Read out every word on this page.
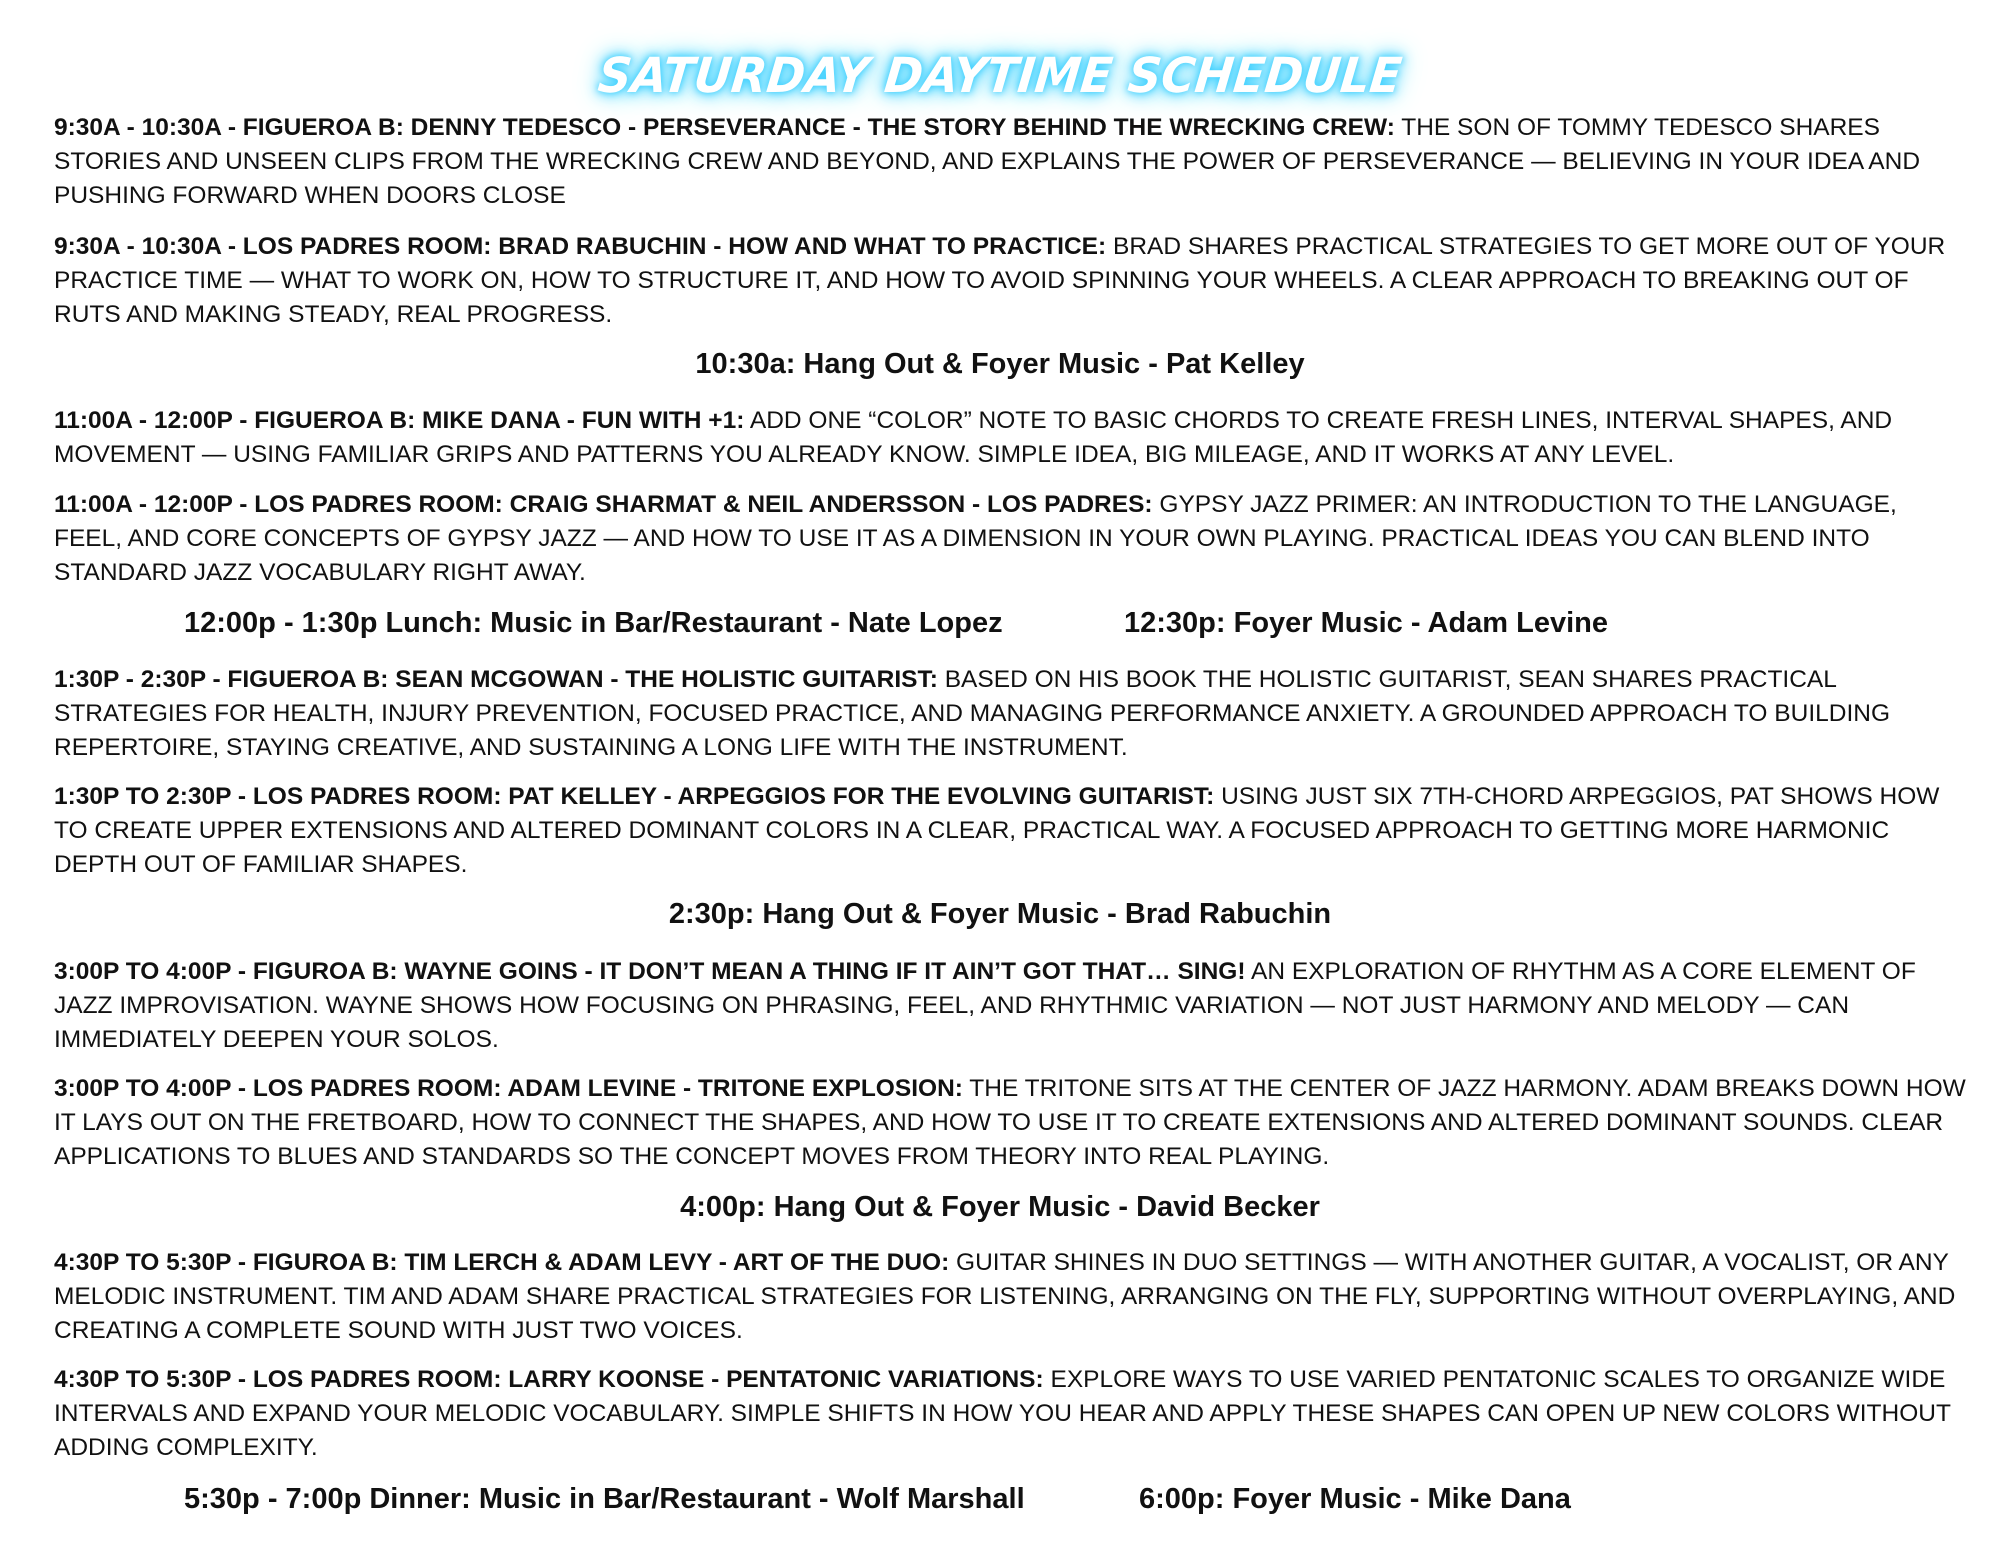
SATURDAY DAYTIME SCHEDULE

9:30A - 10:30A - FIGUEROA B: DENNY TEDESCO - PERSEVERANCE - THE STORY BEHIND THE WRECKING CREW: THE SON OF TOMMY TEDESCO SHARES STORIES AND UNSEEN CLIPS FROM THE WRECKING CREW AND BEYOND, AND EXPLAINS THE POWER OF PERSEVERANCE — BELIEVING IN YOUR IDEA AND PUSHING FORWARD WHEN DOORS CLOSE

9:30A - 10:30A - LOS PADRES ROOM: BRAD RABUCHIN - HOW AND WHAT TO PRACTICE: BRAD SHARES PRACTICAL STRATEGIES TO GET MORE OUT OF YOUR PRACTICE TIME — WHAT TO WORK ON, HOW TO STRUCTURE IT, AND HOW TO AVOID SPINNING YOUR WHEELS. A CLEAR APPROACH TO BREAKING OUT OF RUTS AND MAKING STEADY, REAL PROGRESS.

10:30a: Hang Out & Foyer Music - Pat Kelley

11:00A - 12:00P - FIGUEROA B: MIKE DANA - FUN WITH +1: ADD ONE “COLOR” NOTE TO BASIC CHORDS TO CREATE FRESH LINES, INTERVAL SHAPES, AND MOVEMENT — USING FAMILIAR GRIPS AND PATTERNS YOU ALREADY KNOW. SIMPLE IDEA, BIG MILEAGE, AND IT WORKS AT ANY LEVEL.

11:00A - 12:00P - LOS PADRES ROOM: CRAIG SHARMAT & NEIL ANDERSSON - LOS PADRES: GYPSY JAZZ PRIMER: AN INTRODUCTION TO THE LANGUAGE, FEEL, AND CORE CONCEPTS OF GYPSY JAZZ — AND HOW TO USE IT AS A DIMENSION IN YOUR OWN PLAYING. PRACTICAL IDEAS YOU CAN BLEND INTO STANDARD JAZZ VOCABULARY RIGHT AWAY.

12:00p - 1:30p Lunch: Music in Bar/Restaurant - Nate Lopez	12:30p: Foyer Music - Adam Levine

1:30P - 2:30P - FIGUEROA B: SEAN MCGOWAN - THE HOLISTIC GUITARIST: BASED ON HIS BOOK THE HOLISTIC GUITARIST, SEAN SHARES PRACTICAL STRATEGIES FOR HEALTH, INJURY PREVENTION, FOCUSED PRACTICE, AND MANAGING PERFORMANCE ANXIETY. A GROUNDED APPROACH TO BUILDING REPERTOIRE, STAYING CREATIVE, AND SUSTAINING A LONG LIFE WITH THE INSTRUMENT.

1:30P TO 2:30P - LOS PADRES ROOM: PAT KELLEY - ARPEGGIOS FOR THE EVOLVING GUITARIST: USING JUST SIX 7TH-CHORD ARPEGGIOS, PAT SHOWS HOW TO CREATE UPPER EXTENSIONS AND ALTERED DOMINANT COLORS IN A CLEAR, PRACTICAL WAY. A FOCUSED APPROACH TO GETTING MORE HARMONIC DEPTH OUT OF FAMILIAR SHAPES.

2:30p: Hang Out & Foyer Music - Brad Rabuchin

3:00P TO 4:00P - FIGUROA B: WAYNE GOINS - IT DON’T MEAN A THING IF IT AIN’T GOT THAT… SING! AN EXPLORATION OF RHYTHM AS A CORE ELEMENT OF JAZZ IMPROVISATION. WAYNE SHOWS HOW FOCUSING ON PHRASING, FEEL, AND RHYTHMIC VARIATION — NOT JUST HARMONY AND MELODY — CAN IMMEDIATELY DEEPEN YOUR SOLOS.

3:00P TO 4:00P - LOS PADRES ROOM: ADAM LEVINE - TRITONE EXPLOSION: THE TRITONE SITS AT THE CENTER OF JAZZ HARMONY. ADAM BREAKS DOWN HOW IT LAYS OUT ON THE FRETBOARD, HOW TO CONNECT THE SHAPES, AND HOW TO USE IT TO CREATE EXTENSIONS AND ALTERED DOMINANT SOUNDS. CLEAR APPLICATIONS TO BLUES AND STANDARDS SO THE CONCEPT MOVES FROM THEORY INTO REAL PLAYING.

4:00p: Hang Out & Foyer Music - David Becker

4:30P TO 5:30P - FIGUROA B: TIM LERCH & ADAM LEVY - ART OF THE DUO: GUITAR SHINES IN DUO SETTINGS — WITH ANOTHER GUITAR, A VOCALIST, OR ANY MELODIC INSTRUMENT. TIM AND ADAM SHARE PRACTICAL STRATEGIES FOR LISTENING, ARRANGING ON THE FLY, SUPPORTING WITHOUT OVERPLAYING, AND CREATING A COMPLETE SOUND WITH JUST TWO VOICES.

4:30P TO 5:30P - LOS PADRES ROOM: LARRY KOONSE - PENTATONIC VARIATIONS: EXPLORE WAYS TO USE VARIED PENTATONIC SCALES TO ORGANIZE WIDE INTERVALS AND EXPAND YOUR MELODIC VOCABULARY. SIMPLE SHIFTS IN HOW YOU HEAR AND APPLY THESE SHAPES CAN OPEN UP NEW COLORS WITHOUT ADDING COMPLEXITY.

5:30p - 7:00p Dinner: Music in Bar/Restaurant - Wolf Marshall	6:00p: Foyer Music - Mike Dana
